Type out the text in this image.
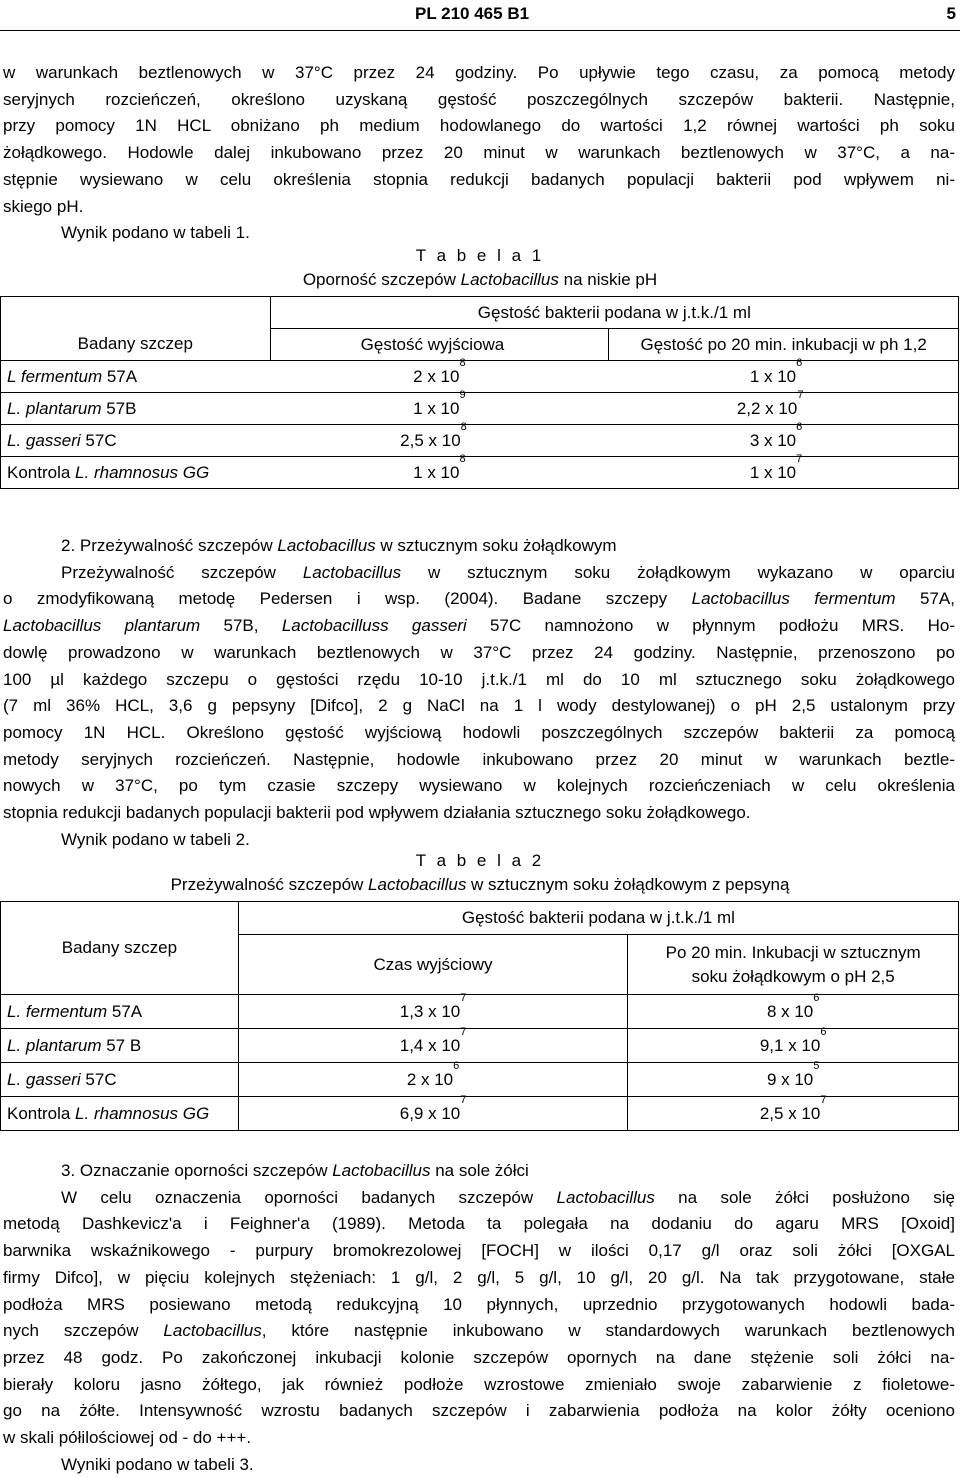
PL 210 465 B1	5
w warunkach beztlenowych w 37°C przez 24 godziny. Po upływie tego czasu, za pomocą metody
seryjnych rozcieńczeń, określono uzyskaną gęstość poszczególnych szczepów bakterii. Następnie,
przy pomocy 1N HCL obniżano ph medium hodowlanego do wartości 1,2 równej wartości ph soku
żołądkowego. Hodowle dalej inkubowano przez 20 minut w warunkach beztlenowych w 37°C, a na-
stępnie wysiewano w celu określenia stopnia redukcji badanych populacji bakterii pod wpływem ni-
skiego pH.
Wynik podano w tabeli 1.
T a b e l a 1
Oporność szczepów Lactobacillus na niskie pH
	Gęstość bakterii podana w j.t.k./1 ml	
Badany szczep	Gęstość wyjściowa	Gęstość po 20 min. inkubacji w ph 1,2
L fermentum 57A	2 x $10^8$	1 x $10^6$
L. plantarum 57B	1 x $10^9$	2,2 x $10^7$
L. gasseri 57C	2,5 x $10^8$	3 x $10^6$
Kontrola L. rhamnosus GG	1 x $10^8$	1 x $10^7$
2. Przeżywalność szczepów Lactobacillus w sztucznym soku żołądkowym
Przeżywalność szczepów Lactobacillus w sztucznym soku żołądkowym wykazano w oparciu
o zmodyfikowaną metodę Pedersen i wsp. (2004). Badane szczepy Lactobacillus fermentum 57A,
Lactobacillus plantarum 57B, Lactobacilluss gasseri 57C namnożono w płynnym podłożu MRS. Ho-
dowlę prowadzono w warunkach beztlenowych w 37°C przez 24 godziny. Następnie, przenoszono po
100 µl każdego szczepu o gęstości rzędu 10-10 j.t.k./1 ml do 10 ml sztucznego soku żołądkowego
(7 ml 36% HCL, 3,6 g pepsyny [Difco], 2 g NaCl na 1 l wody destylowanej) o pH 2,5 ustalonym przy
pomocy 1N HCL. Określono gęstość wyjściową hodowli poszczególnych szczepów bakterii za pomocą
metody seryjnych rozcieńczeń. Następnie, hodowle inkubowano przez 20 minut w warunkach beztle-
nowych w 37°C, po tym czasie szczepy wysiewano w kolejnych rozcieńczeniach w celu określenia
stopnia redukcji badanych populacji bakterii pod wpływem działania sztucznego soku żołądkowego.
Wynik podano w tabeli 2.
T a b e l a 2
Przeżywalność szczepów Lactobacillus w sztucznym soku żołądkowym z pepsyną
Badany szczep	Gęstość bakterii podana w j.t.k./1 ml	
	Czas wyjściowy	Po 20 min. Inkubacji w sztucznym
soku żołądkowym o pH 2,5
L. fermentum 57A	1,3 x $10^7$	8 x $10^6$
L. plantarum 57 B	1,4 x $10^7$	9,1 x $10^6$
L. gasseri 57C	2 x $10^6$	9 x $10^5$
Kontrola L. rhamnosus GG	6,9 x $10^7$	2,5 x $10^7$
3. Oznaczanie oporności szczepów Lactobacillus na sole żółci
W celu oznaczenia oporności badanych szczepów Lactobacillus na sole żółci posłużono się
metodą Dashkevicz'a i Feighner'a (1989). Metoda ta polegała na dodaniu do agaru MRS [Oxoid]
barwnika wskaźnikowego - purpury bromokrezolowej [FOCH] w ilości 0,17 g/l oraz soli żółci [OXGAL
firmy Difco], w pięciu kolejnych stężeniach: 1 g/l, 2 g/l, 5 g/l, 10 g/l, 20 g/l. Na tak przygotowane, stałe
podłoża MRS posiewano metodą redukcyjną 10 płynnych, uprzednio przygotowanych hodowli bada-
nych szczepów Lactobacillus, które następnie inkubowano w standardowych warunkach beztlenowych
przez 48 godz. Po zakończonej inkubacji kolonie szczepów opornych na dane stężenie soli żółci na-
bierały koloru jasno żółtego, jak również podłoże wzrostowe zmieniało swoje zabarwienie z fioletowe-
go na żółte. Intensywność wzrostu badanych szczepów i zabarwienia podłoża na kolor żółty oceniono
w skali półilościowej od - do +++.
Wyniki podano w tabeli 3.
